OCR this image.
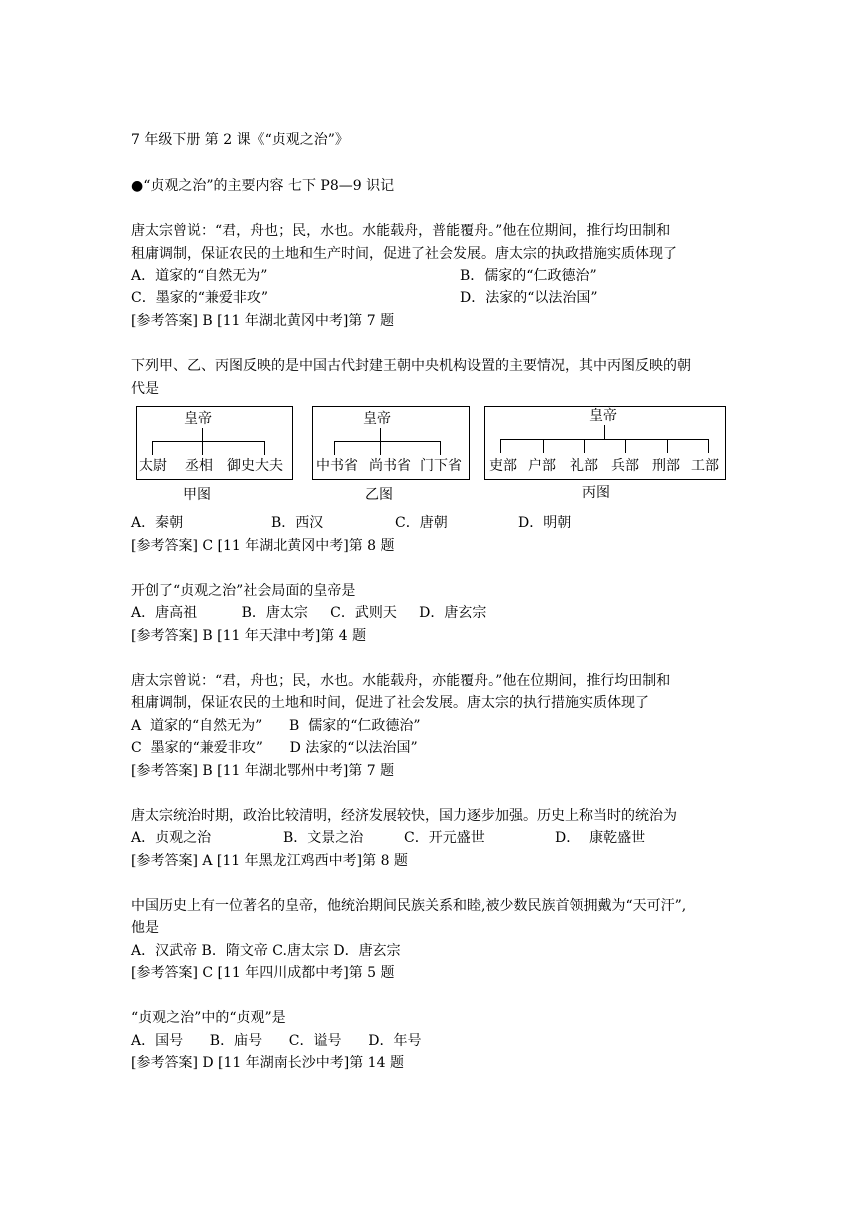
7 年级下册 第 2 课《“贞观之治”》
●“贞观之治”的主要内容 七下 P8—9 识记
唐太宗曾说：“君，舟也；民，水也。水能载舟，普能覆舟。”他在位期间，推行均田制和
租庸调制，保证农民的土地和生产时间，促进了社会发展。唐太宗的执政措施实质体现了
A．道家的“自然无为”	B．儒家的“仁政德治”
C．墨家的“兼爱非攻”	D．法家的“以法治国”
[参考答案] B [11 年湖北黄冈中考]第 7 题
下列甲、乙、丙图反映的是中国古代封建王朝中央机构设置的主要情况，其中丙图反映的朝
代是
皇帝
太尉 丞相 御史大夫
甲图
皇帝
中书省 尚书省 门下省
乙图
皇帝
吏部 户部 礼部 兵部 刑部 工部
丙图
A．秦朝	B．西汉	C．唐朝	D．明朝
[参考答案] C [11 年湖北黄冈中考]第 8 题
开创了“贞观之治”社会局面的皇帝是
A．唐高祖          B．唐太宗     C．武则天     D．唐玄宗
[参考答案] B [11 年天津中考]第 4 题
唐太宗曾说：“君，舟也；民，水也。水能载舟，亦能覆舟。”他在位期间，推行均田制和
租庸调制，保证农民的土地和时间，促进了社会发展。唐太宗的执行措施实质体现了
A  道家的“自然无为”      B  儒家的“仁政德治”
C  墨家的“兼爱非攻”      D 法家的“以法治国”
[参考答案] B [11 年湖北鄂州中考]第 7 题
唐太宗统治时期，政治比较清明，经济发展较快，国力逐步加强。历史上称当时的统治为
A．贞观之治	B．文景之治	C．开元盛世	D．  康乾盛世
[参考答案] A [11 年黑龙江鸡西中考]第 8 题
中国历史上有一位著名的皇帝，他统治期间民族关系和睦,被少数民族首领拥戴为“天可汗”,
他是
A．汉武帝 B．隋文帝 C.唐太宗 D．唐玄宗
[参考答案] C [11 年四川成都中考]第 5 题
“贞观之治”中的“贞观”是
A．国号      B．庙号      C．谥号      D．年号
[参考答案] D [11 年湖南长沙中考]第 14 题
